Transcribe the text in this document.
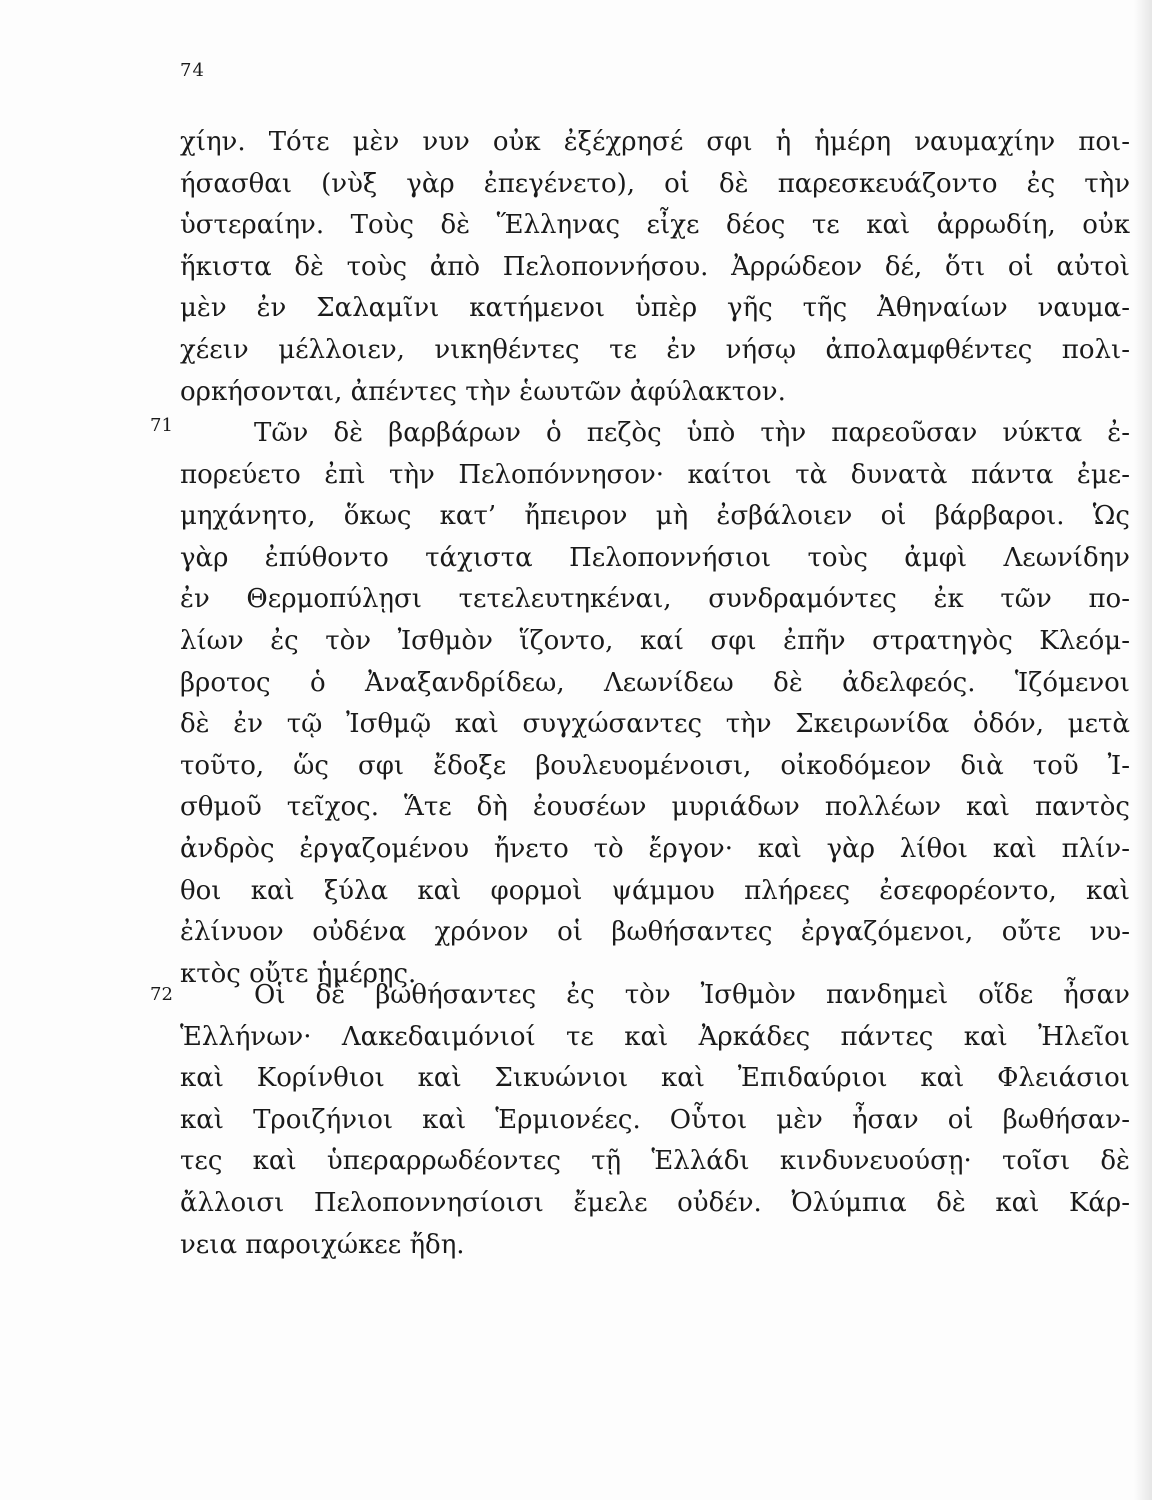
74
χίην. Τότε μὲν νυν οὐκ ἐξέχρησέ σφι ἡ ἡμέρη ναυμαχίην ποι-
ήσασθαι (νὺξ γὰρ ἐπεγένετο), οἱ δὲ παρεσκευάζοντο ἐς τὴν
ὑστεραίην. Τοὺς δὲ Ἕλληνας εἶχε δέος τε καὶ ἀρρωδίη, οὐκ
ἥκιστα δὲ τοὺς ἀπὸ Πελοποννήσου. Ἀρρώδεον δέ, ὅτι οἱ αὐτοὶ
μὲν ἐν Σαλαμῖνι κατήμενοι ὑπὲρ γῆς τῆς Ἀθηναίων ναυμα-
χέειν μέλλοιεν, νικηθέντες τε ἐν νήσῳ ἀπολαμφθέντες πολι-
ορκήσονται, ἀπέντες τὴν ἑωυτῶν ἀφύλακτον.
71	Τῶν δὲ βαρβάρων ὁ πεζὸς ὑπὸ τὴν παρεοῦσαν νύκτα ἐ-
πορεύετο ἐπὶ τὴν Πελοπόννησον· καίτοι τὰ δυνατὰ πάντα ἐμε-
μηχάνητο, ὅκως κατ’ ἤπειρον μὴ ἐσβάλοιεν οἱ βάρβαροι. Ὡς
γὰρ ἐπύθοντο τάχιστα Πελοποννήσιοι τοὺς ἀμφὶ Λεωνίδην
ἐν Θερμοπύλῃσι τετελευτηκέναι, συνδραμόντες ἐκ τῶν πο-
λίων ἐς τὸν Ἰσθμὸν ἵζοντο, καί σφι ἐπῆν στρατηγὸς Κλεόμ-
βροτος ὁ Ἀναξανδρίδεω, Λεωνίδεω δὲ ἀδελφεός. Ἱζόμενοι
δὲ ἐν τῷ Ἰσθμῷ καὶ συγχώσαντες τὴν Σκειρωνίδα ὁδόν, μετὰ
τοῦτο, ὥς σφι ἔδοξε βουλευομένοισι, οἰκοδόμεον διὰ τοῦ Ἰ-
σθμοῦ τεῖχος. Ἅτε δὴ ἐουσέων μυριάδων πολλέων καὶ παντὸς
ἀνδρὸς ἐργαζομένου ἤνετο τὸ ἔργον· καὶ γὰρ λίθοι καὶ πλίν-
θοι καὶ ξύλα καὶ φορμοὶ ψάμμου πλήρεες ἐσεφορέοντο, καὶ
ἐλίνυον οὐδένα χρόνον οἱ βωθήσαντες ἐργαζόμενοι, οὔτε νυ-
κτὸς οὔτε ἡμέρης.
72	Οἱ δὲ βωθήσαντες ἐς τὸν Ἰσθμὸν πανδημεὶ οἵδε ἦσαν
Ἑλλήνων· Λακεδαιμόνιοί τε καὶ Ἀρκάδες πάντες καὶ Ἠλεῖοι
καὶ Κορίνθιοι καὶ Σικυώνιοι καὶ Ἐπιδαύριοι καὶ Φλειάσιοι
καὶ Τροιζήνιοι καὶ Ἑρμιονέες. Οὗτοι μὲν ἦσαν οἱ βωθήσαν-
τες καὶ ὑπεραρρωδέοντες τῇ Ἑλλάδι κινδυνευούσῃ· τοῖσι δὲ
ἄλλοισι Πελοποννησίοισι ἔμελε οὐδέν. Ὀλύμπια δὲ καὶ Κάρ-
νεια παροιχώκεε ἤδη.
